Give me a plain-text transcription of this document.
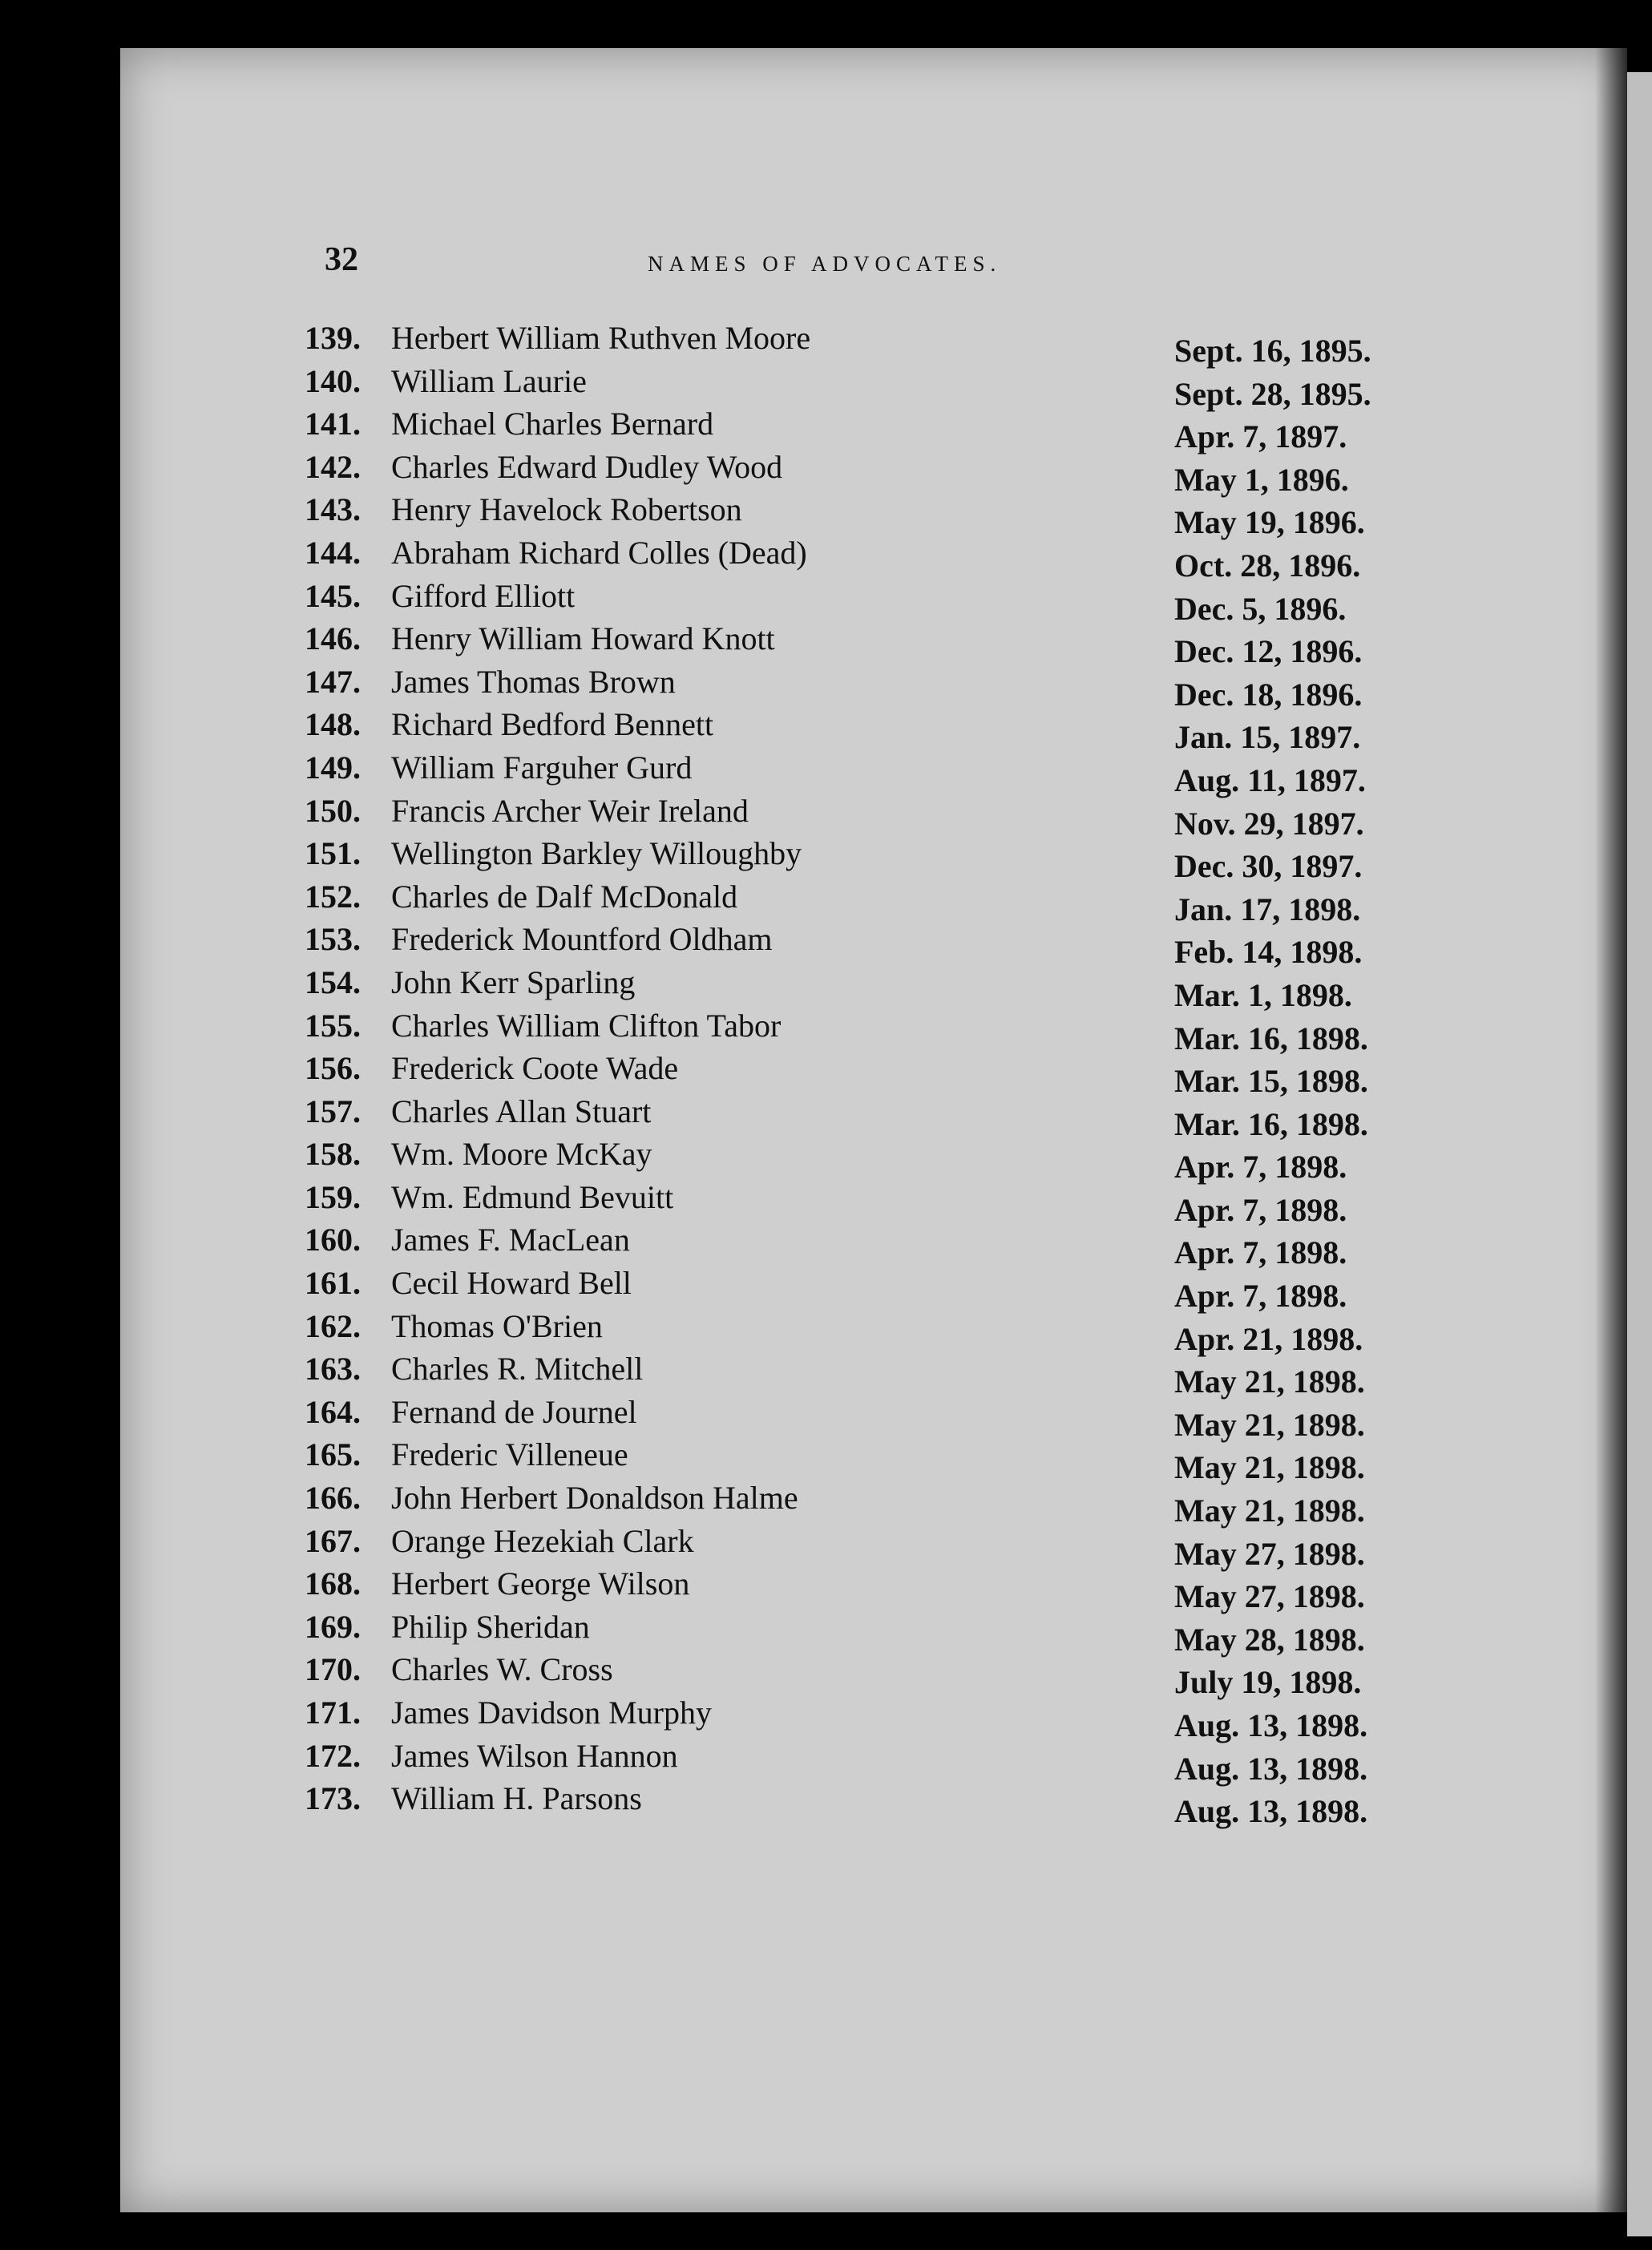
32	NAMES OF ADVOCATES.
139. Herbert William Ruthven Moore	Sept. 16, 1895.
140. William Laurie	Sept. 28, 1895.
141. Michael Charles Bernard	Apr. 7, 1897.
142. Charles Edward Dudley Wood	May 1, 1896.
143. Henry Havelock Robertson	May 19, 1896.
144. Abraham Richard Colles (Dead)	Oct. 28, 1896.
145. Gifford Elliott	Dec. 5, 1896.
146. Henry William Howard Knott	Dec. 12, 1896.
147. James Thomas Brown	Dec. 18, 1896.
148. Richard Bedford Bennett	Jan. 15, 1897.
149. William Farguher Gurd	Aug. 11, 1897.
150. Francis Archer Weir Ireland	Nov. 29, 1897.
151. Wellington Barkley Willoughby	Dec. 30, 1897.
152. Charles de Dalf McDonald	Jan. 17, 1898.
153. Frederick Mountford Oldham	Feb. 14, 1898.
154. John Kerr Sparling	Mar. 1, 1898.
155. Charles William Clifton Tabor	Mar. 16, 1898.
156. Frederick Coote Wade	Mar. 15, 1898.
157. Charles Allan Stuart	Mar. 16, 1898.
158. Wm. Moore McKay	Apr. 7, 1898.
159. Wm. Edmund Bevuitt	Apr. 7, 1898.
160. James F. MacLean	Apr. 7, 1898.
161. Cecil Howard Bell	Apr. 7, 1898.
162. Thomas O'Brien	Apr. 21, 1898.
163. Charles R. Mitchell	May 21, 1898.
164. Fernand de Journel	May 21, 1898.
165. Frederic Villeneue	May 21, 1898.
166. John Herbert Donaldson Halme	May 21, 1898.
167. Orange Hezekiah Clark	May 27, 1898.
168. Herbert George Wilson	May 27, 1898.
169. Philip Sheridan	May 28, 1898.
170. Charles W. Cross	July 19, 1898.
171. James Davidson Murphy	Aug. 13, 1898.
172. James Wilson Hannon	Aug. 13, 1898.
173. William H. Parsons	Aug. 13, 1898.
